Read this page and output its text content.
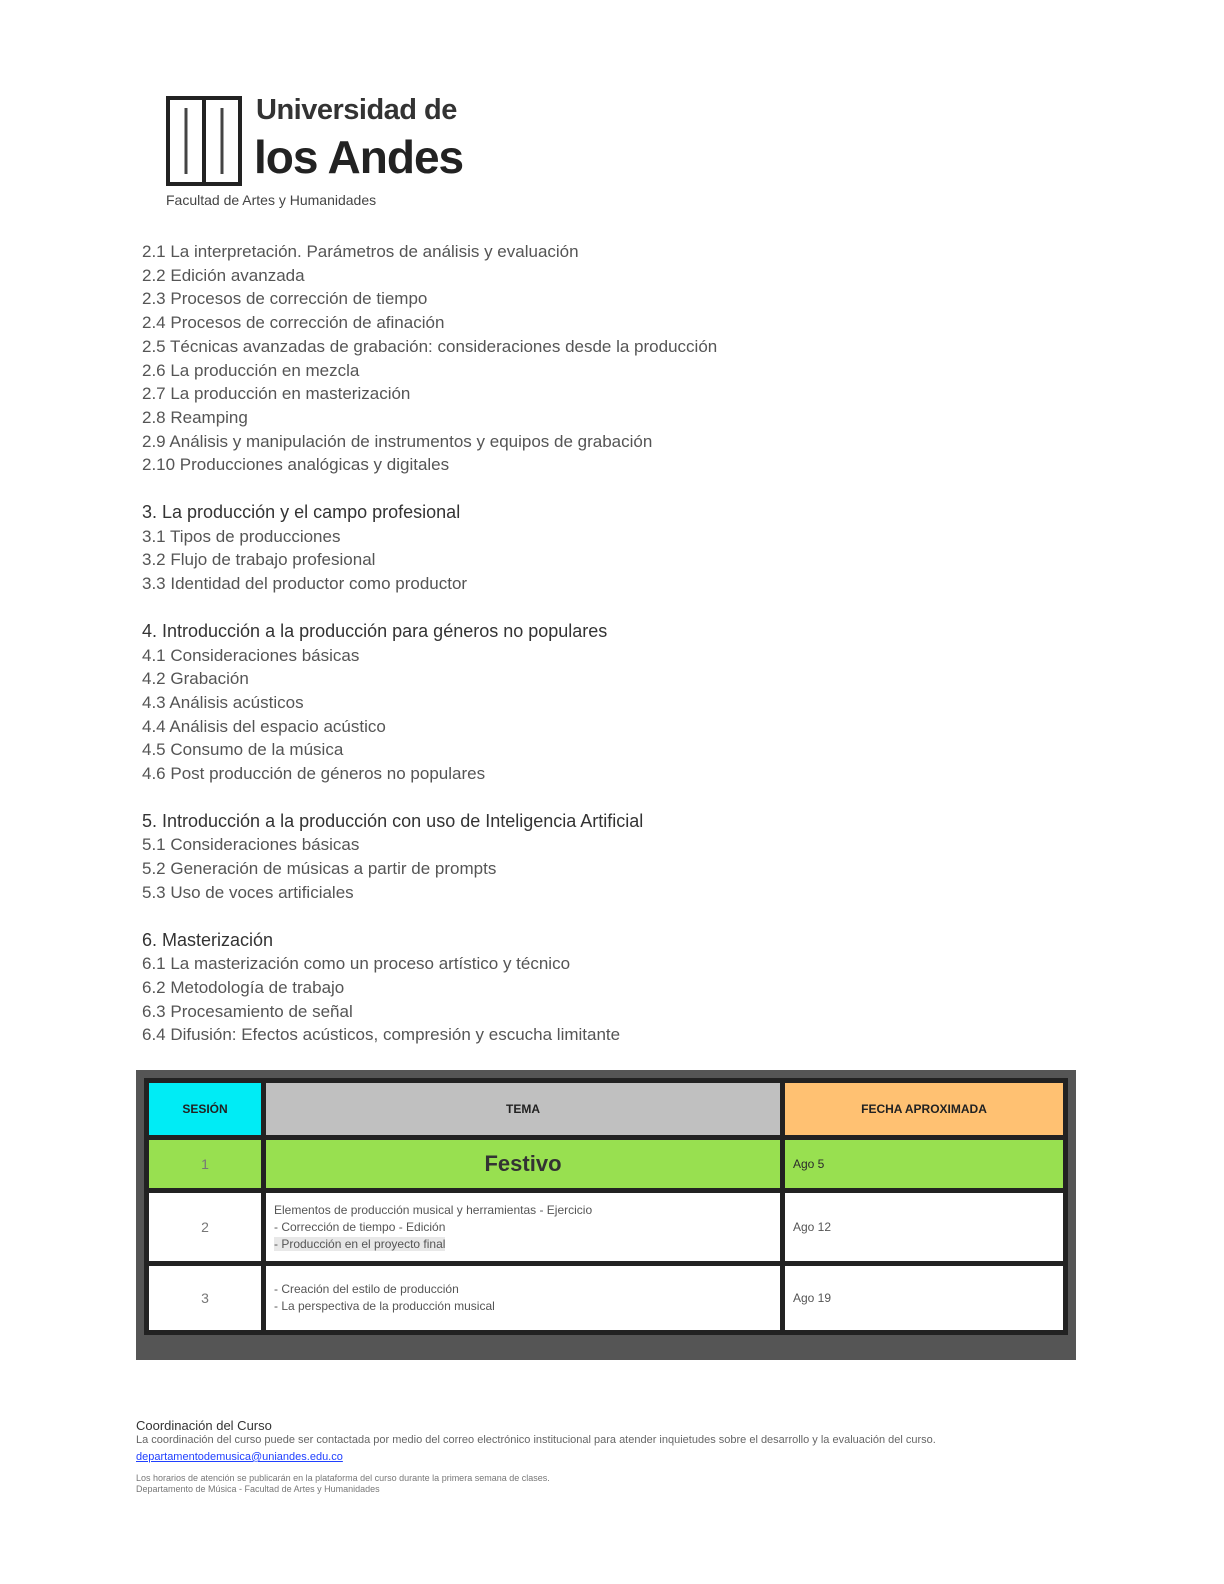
Universidad de
los Andes
Facultad de Artes y Humanidades
2.1 La interpretación. Parámetros de análisis y evaluación
2.2 Edición avanzada
2.3 Procesos de corrección de tiempo
2.4 Procesos de corrección de afinación
2.5 Técnicas avanzadas de grabación: consideraciones desde la producción
2.6 La producción en mezcla
2.7 La producción en masterización
2.8 Reamping
2.9 Análisis y manipulación de instrumentos y equipos de grabación
2.10 Producciones analógicas y digitales
3. La producción y el campo profesional
3.1 Tipos de producciones
3.2 Flujo de trabajo profesional
3.3 Identidad del productor como productor
4. Introducción a la producción para géneros no populares
4.1 Consideraciones básicas
4.2 Grabación
4.3 Análisis acústicos
4.4 Análisis del espacio acústico
4.5 Consumo de la música
4.6 Post producción de géneros no populares
5. Introducción a la producción con uso de Inteligencia Artificial
5.1 Consideraciones básicas
5.2 Generación de músicas a partir de prompts
5.3 Uso de voces artificiales
6. Masterización
6.1 La masterización como un proceso artístico y técnico
6.2 Metodología de trabajo
6.3 Procesamiento de señal
6.4 Difusión: Efectos acústicos, compresión y escucha limitante
SESIÓN	TEMA	FECHA APROXIMADA
1	Festivo	Ago 5
2	Elementos de producción musical y herramientas - Ejercicio
- Corrección de tiempo - Edición
- Producción en el proyecto final	Ago 12
3	- Creación del estilo de producción
- La perspectiva de la producción musical	Ago 19
Coordinación del Curso
La coordinación del curso puede ser contactada por medio del correo electrónico institucional para atender inquietudes sobre el desarrollo y la evaluación del curso.
departamentodemusica@uniandes.edu.co
Los horarios de atención se publicarán en la plataforma del curso durante la primera semana de clases.
Departamento de Música - Facultad de Artes y Humanidades
